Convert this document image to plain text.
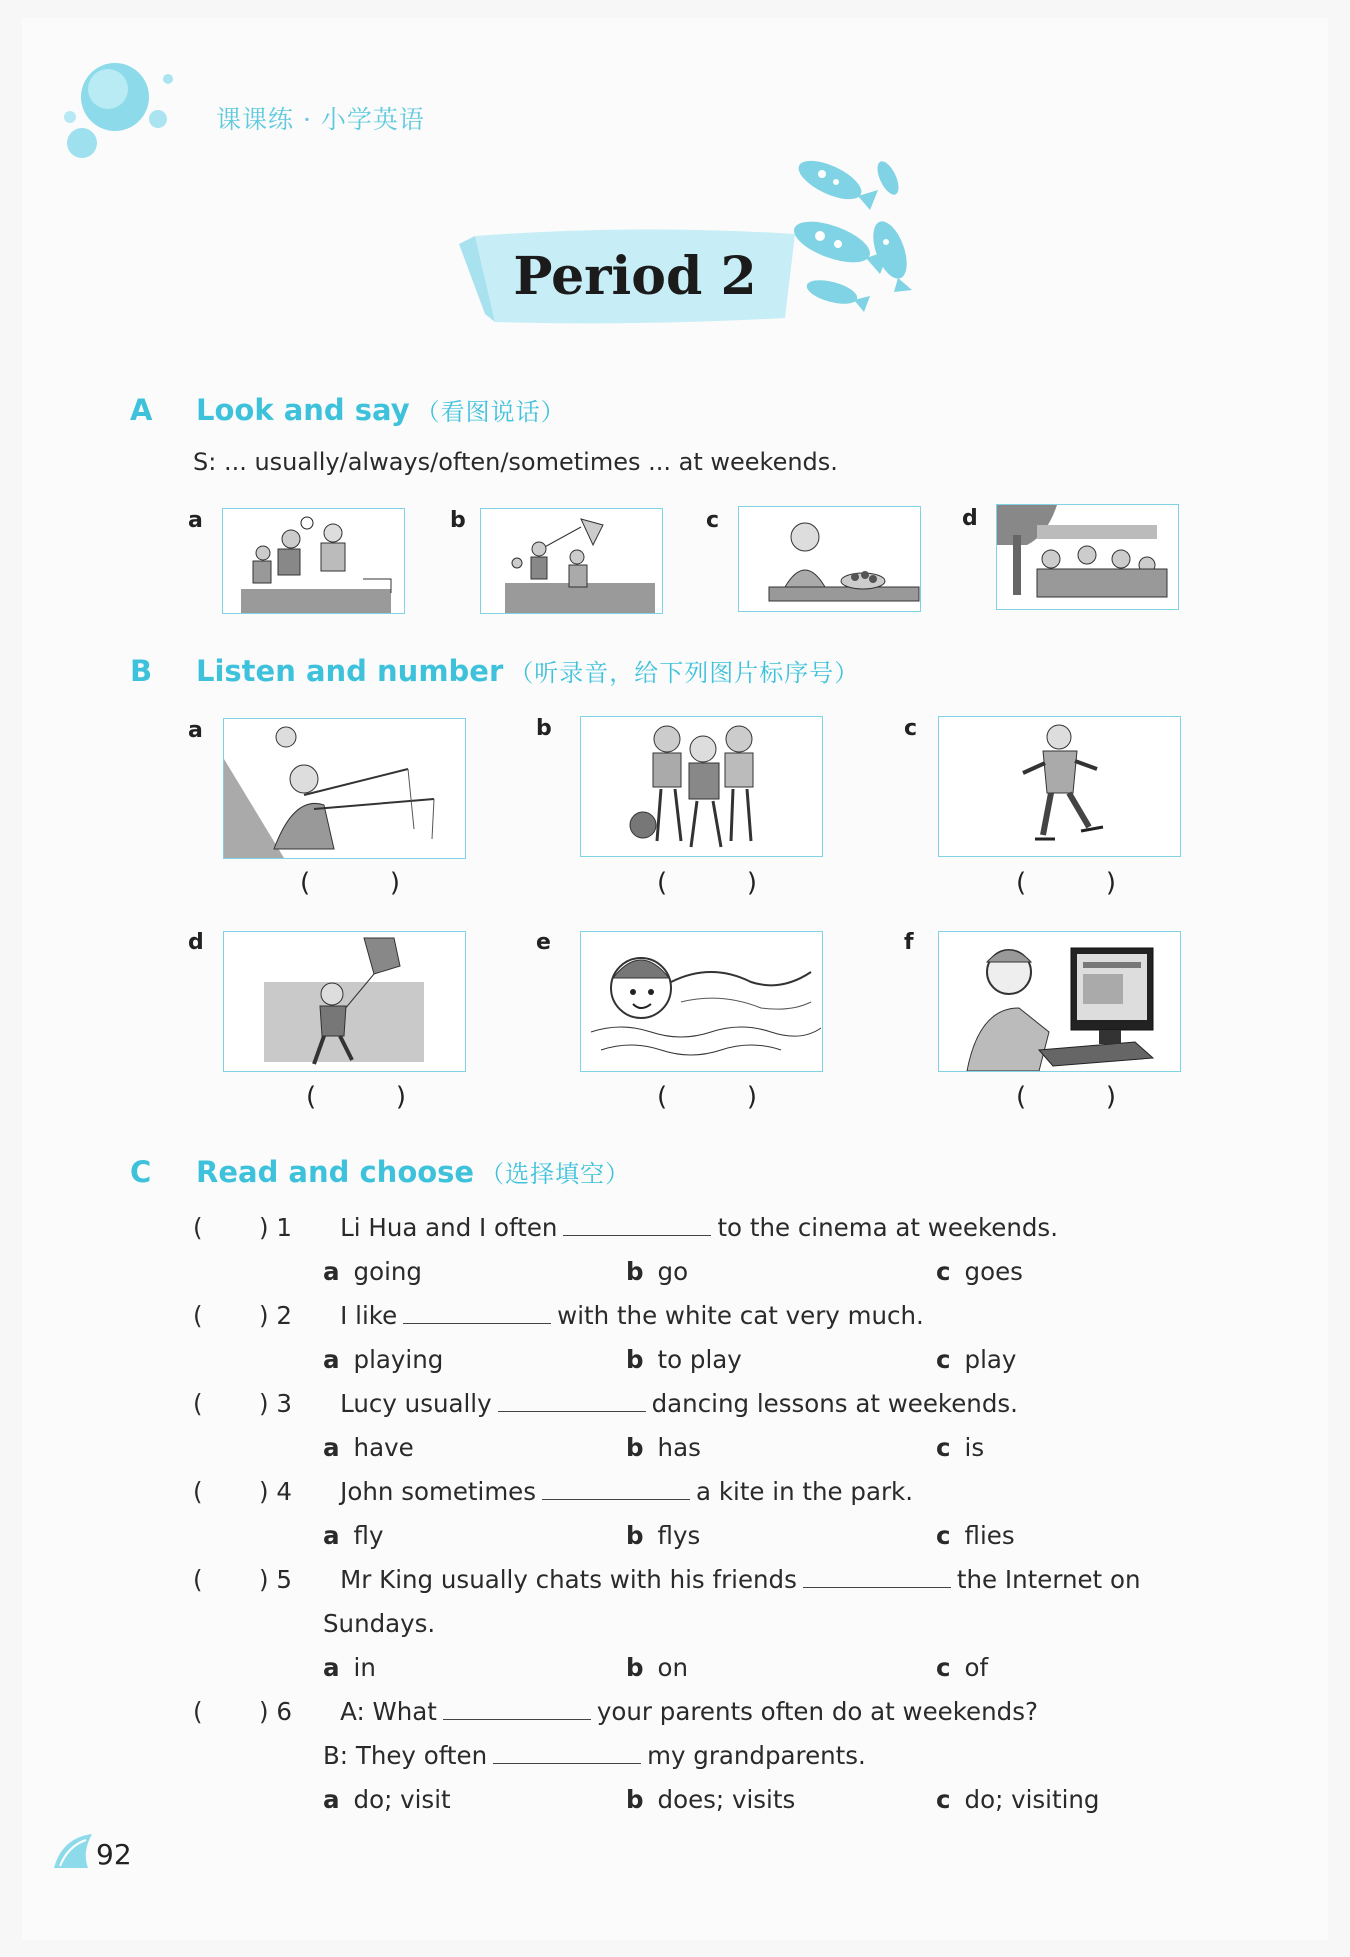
课课练 · 小学英语
Period 2
A	Look and say （看图说话）
S: ... usually/always/often/sometimes ... at weekends.
a	b	c	d
B	Listen and number （听录音，给下列图片标序号）
a
(	)
b
(	)
c
(	)
d
(	)
e
(	)
f
(	)
C	Read and choose （选择填空）
( ) 1 Li Hua and I often	to the cinema at weekends.
a going	b go	c goes
( ) 2 I like	with the white cat very much.
a playing	b to play	c play
( ) 3 Lucy usually	dancing lessons at weekends.
a have	b has	c is
( ) 4 John sometimes	a kite in the park.
a fly	b flys	c flies
( ) 5 Mr King usually chats with his friends	the Internet on
Sundays.
a in	b on	c of
( ) 6 A: What	your parents often do at weekends?
B: They often	my grandparents.
a do; visit	b does; visits	c do; visiting
92
